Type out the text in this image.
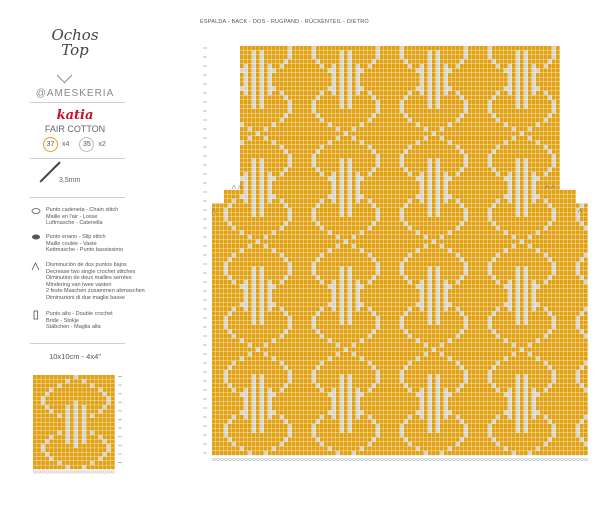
Ochos
Top
@AMESKERIA
katia
FAIR COTTON
37	x4	35	x2
3,5mm
Punto cadeneta - Chain stitch
Maille en l'air - Losse
Luftmasche - Catenella
Punto enano - Slip stitch
Maille coulée - Vaste
Kettmasche - Punto bassissimo
Disminución de dos puntos bajos
Decrease two single crochet stitches
Diminution de deux mailles serrées
Mindering van twee vasten
2 feste Maschen zusammen abmaschen
Diminuzioni di due maglie basse
Punto alto - Double crochet
Bride - Stokje
Stäbchen - Maglia alta
10x10cm - 4x4"
ESPALDA - BACK - DOS - RUGPAND - RÜCKENTEIL - DIETRO
